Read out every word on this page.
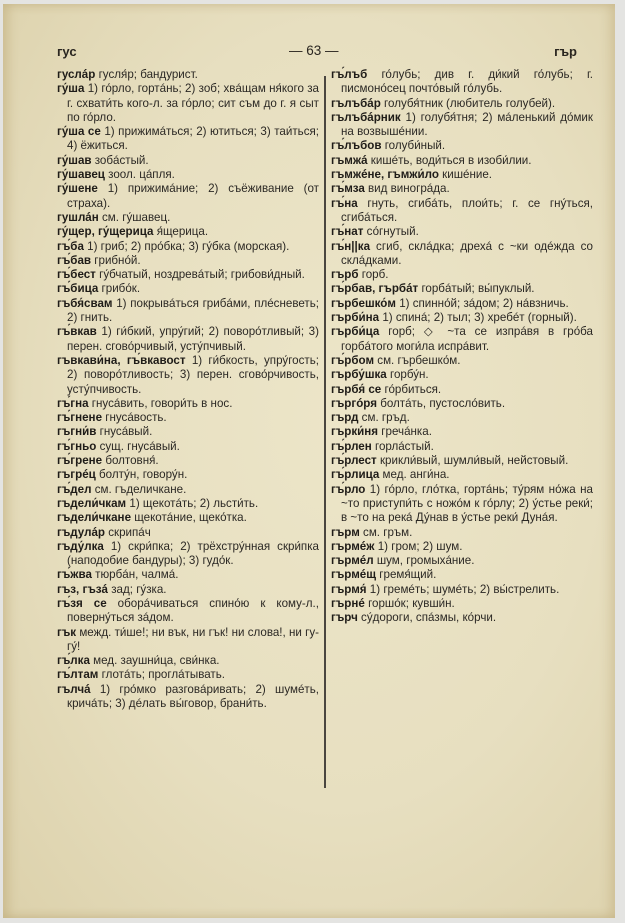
гус	— 63 —	гър

гуслáр гусля́р; бандурист.

гу́ша 1) го́рло, гортáнь; 2) зоб; хвáщам ня́кого за г. схвати́ть кого-л. за го́рло; сит съм до г. я сыт по го́рло.

гу́ша се 1) прижимáться; 2) ютиться; 3) таи́ться; 4) ёжиться.

гу́шав зобáстый.

гу́шавец зоол. цáпля.

гу́шене 1) прижимáние; 2) съёживание (от страха).

гушлáн см. гу́шавец.

гу́щер, гу́щерица я́щерица.

гъ́ба 1) гриб; 2) про́бка; 3) гу́бка (морская).

гъ́бав грибно́й.

гъ́бест гу́бчатый, ноздревáтый; грибови́дный.

гъ́бица грибо́к.

гъбя́свам 1) покрывáться грибáми, плéсневеть; 2) гнить.

гъ́вкав 1) ги́бкий, упру́гий; 2) поворо́тливый; 3) перен. сгово́рчивый, усту́пчивый.

гъвкави́на, гъ́вкавост 1) ги́бкость, упру́гость; 2) поворо́тливость; 3) перен. сгово́рчивость, усту́пчивость.

гъ́гна гнусáвить, говори́ть в нос.

гъ́гнене гнусáвость.

гъгни́в гнусáвый.

гъ́гньо сущ. гнусáвый.

гъ́грене болтовня́.

гъгрéц болту́н, говору́н.

гъ́дел см. гъделичкане.

гъдели́чкам 1) щекотáть; 2) льсти́ть.

гъдели́чкане щекотáние, щеко́тка.

гъдулáр скрипáч

гъду́лка 1) скри́пка; 2) трёхстру́нная скри́пка (наподобие бандуры); 3) гудо́к.

гъ́жва тюрбáн, чалмá.

гъз, гъзá зад; гу́зка.

гъ́зя се оборáчиваться спино́ю к кому-л., поверну́ться зáдом.

гък межд. ти́ше!; ни вък, ни гък! ни слова!, ни гу-гу́!

гъ́лка мед. заушни́ца, сви́нка.

гъ́лтам глотáть; проглáтывать.

гълчá 1) гро́мко разговáривать; 2) шумéть, кричáть; 3) дéлать вы́говор, брани́ть.

гъ́лъб го́лубь; див г. ди́кий го́лубь; г. писмоно́сец почто́вый го́лубь.

гълъбáр голубя́тник (любитель голубей).

гълъбáрник 1) голубя́тня; 2) мáленький до́мик на возвышéнии.

гъ́лъбов голуби́ный.

гъмжá кишéть, води́ться в изоби́лии.

гъмжéне, гъмжи́ло кишéние.

гъ́мза вид виногрáда.

гъ́на гнуть, сгибáть, плои́ть; г. се гну́ться, сгибáться.

гъ́нат со́гнутый.

гъ́н||ка сгиб, склáдка; дрехá с ~ки одéжда со склáдками.

гърб горб.

гъ́рбав, гърбáт горбáтый; вы́пуклый.

гърбешко́м 1) спинно́й; зáдом; 2) нáвзничь.

гърби́на 1) спинá; 2) тыл; 3) хребéт (горный).

гърби́ца горб; ◇ ~та се изпрáвя в гро́ба горбáтого моги́ла испрáвит.

гъ́рбом см. гърбешко́м.

гърбу́шка горбу́н.

гърбя́ се го́рбиться.

гъргóря болтáть, пустосло́вить.

гърд см. гръд.

гърки́ня гречáнка.

гъ́рлен горлáстый.

гъ́рлест крикли́вый, шумли́вый, нейстовый.

гъ́рлица мед. анги́на.

гъ́рло 1) го́рло, гло́тка, гортáнь; ту́рям но́жа на ~то приступи́ть с ножо́м к го́рлу; 2) у́стье реки́; в ~то на рекá Ду́нав в у́стье реки́ Дунáя.

гърм см. гръм.

гърмéж 1) гром; 2) шум.

гърмéл шум, громыхáние.

гърмéщ гремя́щий.

гърмя́ 1) гремéть; шумéть; 2) вы́стрелить.

гърнé горшо́к; кувши́н.

гърч су́дороги, спáзмы, ко́рчи.
